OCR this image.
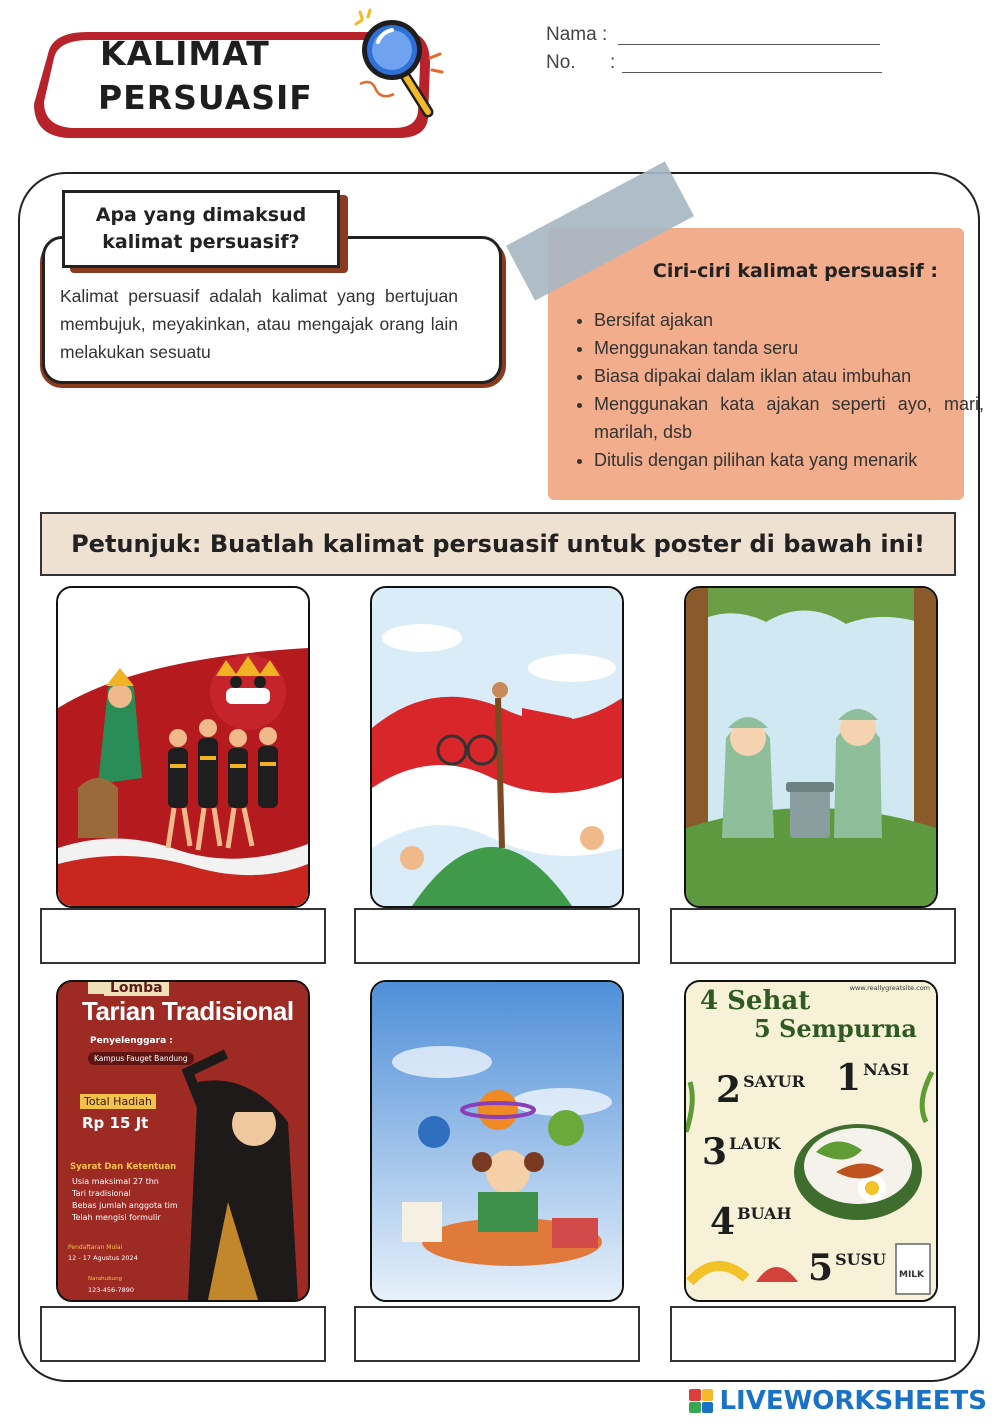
KALIMAT
PERSUASIF
Nama :
No. :
Apa yang dimaksud
kalimat persuasif?
Kalimat persuasif adalah kalimat yang bertujuan membujuk, meyakinkan, atau mengajak orang lain melakukan sesuatu
Ciri-ciri kalimat persuasif :
• Bersifat ajakan
• Menggunakan tanda seru
• Biasa dipakai dalam iklan atau imbuhan
• Menggunakan kata ajakan seperti ayo, mari, marilah, dsb
• Ditulis dengan pilihan kata yang menarik
Petunjuk: Buatlah kalimat persuasif untuk poster di bawah ini!
Lomba
Tarian Tradisional
Penyelenggara :
Kampus Fauget Bandung
Total Hadiah
Rp 15 Jt
Syarat Dan Ketentuan
Usia maksimal 27 thn
Tari tradisional
Bebas jumlah anggota tim
Telah mengisi formulir
Pendaftaran Mulai
12 - 17 Agustus 2024
Narahubung
123-456-7890
www.reallygreatsite.com
4 Sehat
5 Sempurna
1 NASI
2 SAYUR
3 LAUK
4 BUAH
5 SUSU
MILK
LIVEWORKSHEETS
